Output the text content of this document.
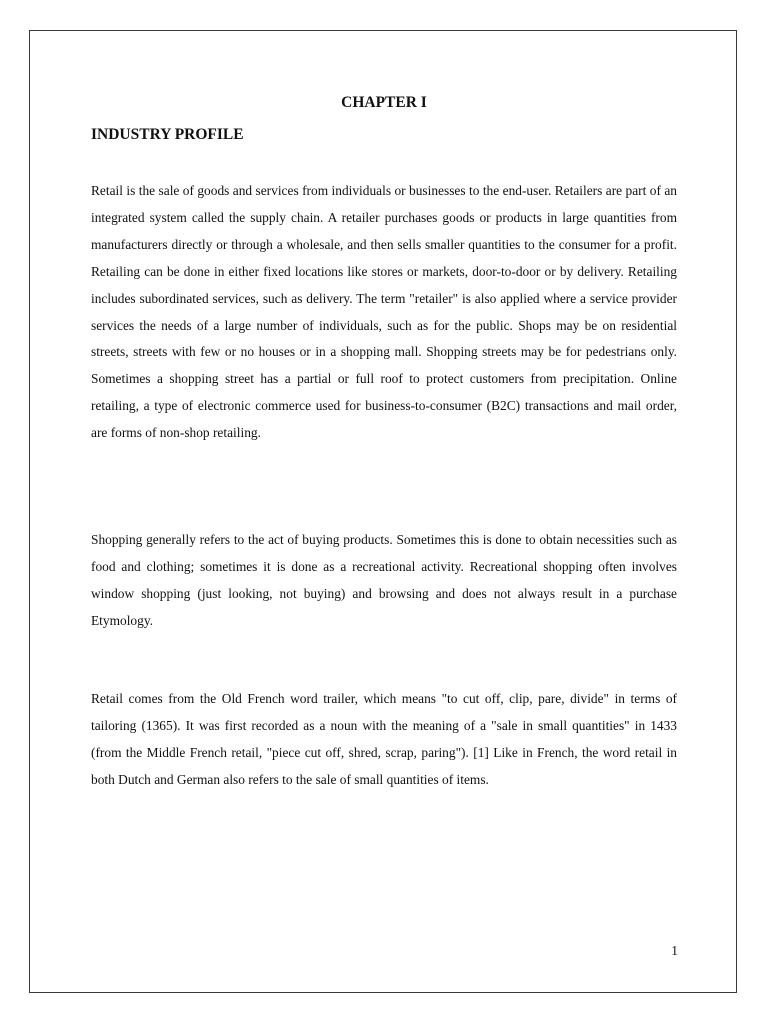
CHAPTER I
INDUSTRY PROFILE

Retail is the sale of goods and services from individuals or businesses to the end-user. Retailers are part of an integrated system called the supply chain. A retailer purchases goods or products in large quantities from manufacturers directly or through a wholesale, and then sells smaller quantities to the consumer for a profit. Retailing can be done in either fixed locations like stores or markets, door-to-door or by delivery. Retailing includes subordinated services, such as delivery. The term "retailer" is also applied where a service provider services the needs of a large number of individuals, such as for the public. Shops may be on residential streets, streets with few or no houses or in a shopping mall. Shopping streets may be for pedestrians only. Sometimes a shopping street has a partial or full roof to protect customers from precipitation. Online retailing, a type of electronic commerce used for business-to-consumer (B2C) transactions and mail order, are forms of non-shop retailing.

Shopping generally refers to the act of buying products. Sometimes this is done to obtain necessities such as food and clothing; sometimes it is done as a recreational activity. Recreational shopping often involves window shopping (just looking, not buying) and browsing and does not always result in a purchase Etymology.

Retail comes from the Old French word trailer, which means "to cut off, clip, pare, divide" in terms of tailoring (1365). It was first recorded as a noun with the meaning of a "sale in small quantities" in 1433 (from the Middle French retail, "piece cut off, shred, scrap, paring"). [1] Like in French, the word retail in both Dutch and German also refers to the sale of small quantities of items.

1
